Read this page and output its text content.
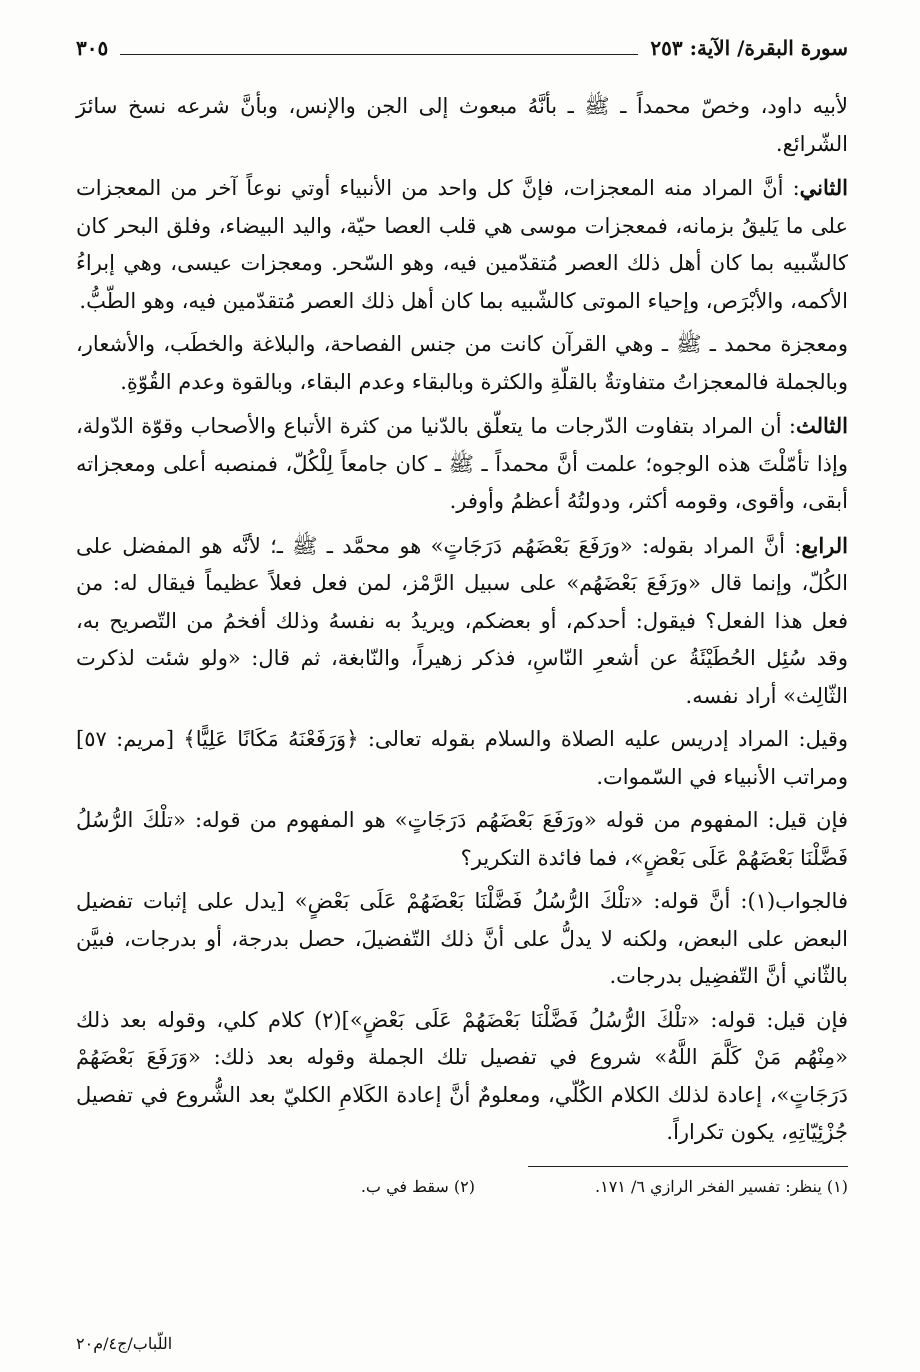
سورة البقرة/ الآية: ٢٥٣
٣٠٥

لأبيه داود، وخصّ محمداً ـ ﷺ ـ بأنَّهُ مبعوث إلى الجن والإنس، وبأنَّ شرعه نسخ سائرَ الشّرائع.

الثاني: أنَّ المراد منه المعجزات، فإنَّ كل واحد من الأنبياء أوتي نوعاً آخر من المعجزات على ما يَليقُ بزمانه، فمعجزات موسى هي قلب العصا حيّة، واليد البيضاء، وفلق البحر كان كالشّبيه بما كان أهل ذلك العصر مُتقدّمين فيه، وهو السّحر. ومعجزات عيسى، وهي إبراءُ الأكمه، والأبْرَص، وإحياء الموتى كالشّبيه بما كان أهل ذلك العصر مُتقدّمين فيه، وهو الطّبُّ.

ومعجزة محمد ـ ﷺ ـ وهي القرآن كانت من جنس الفصاحة، والبلاغة والخطَب، والأشعار، وبالجملة فالمعجزاتُ متفاوتةٌ بالقلّةِ والكثرة وبالبقاء وعدم البقاء، وبالقوة وعدم القُوّةِ.

الثالث: أن المراد بتفاوت الدّرجات ما يتعلّق بالدّنيا من كثرة الأتباع والأصحاب وقوّة الدّولة، وإذا تأمّلْتَ هذه الوجوه؛ علمت أنَّ محمداً ـ ﷺ ـ كان جامعاً لِلْكُلّ، فمنصبه أعلى ومعجزاته أبقى، وأقوى، وقومه أكثر، ودولتُهُ أعظمُ وأوفر.

الرابع: أنَّ المراد بقوله: «ورَفَعَ بَعْضَهُم دَرَجَاتٍ» هو محمَّد ـ ﷺ ـ؛ لأنَّه هو المفضل على الكُلّ، وإنما قال «ورَفَعَ بَعْضَهُم» على سبيل الرَّمْز، لمن فعل فعلاً عظيماً فيقال له: من فعل هذا الفعل؟ فيقول: أحدكم، أو بعضكم، ويريدُ به نفسهُ وذلك أفخمُ من التّصريح به، وقد سُئِل الحُطَيْئَةُ عن أشعرِ النّاسِ، فذكر زهيراً، والنّابغة، ثم قال: «ولو شئت لذكرت الثّالِث» أراد نفسه.

وقيل: المراد إدريس عليه الصلاة والسلام بقوله تعالى: ﴿وَرَفَعْنَهُ مَكَانًا عَلِيًّا﴾ [مريم: ٥٧] ومراتب الأنبياء في السّموات.

فإن قيل: المفهوم من قوله «ورَفَعَ بَعْضَهُم دَرَجَاتٍ» هو المفهوم من قوله: «تلْكَ الرُّسُلُ فَضَّلْنَا بَعْضَهُمْ عَلَى بَعْضٍ»، فما فائدة التكرير؟

فالجواب(١): أنَّ قوله: «تلْكَ الرُّسُلُ فَضَّلْنَا بَعْضَهُمْ عَلَى بَعْضٍ» [يدل على إثبات تفضيل البعض على البعض، ولكنه لا يدلُّ على أنَّ ذلك التّفضيلَ، حصل بدرجة، أو بدرجات، فبيَّن بالثّاني أنَّ التّفضِيل بدرجات.

فإن قيل: قوله: «تلْكَ الرُّسُلُ فَضَّلْنَا بَعْضَهُمْ عَلَى بَعْضٍ»](٢) كلام كلي، وقوله بعد ذلك «مِنْهُم مَنْ كَلَّمَ اللَّهُ» شروع في تفصيل تلك الجملة وقوله بعد ذلك: «وَرَفَعَ بَعْضَهُمْ دَرَجَاتٍ»، إعادة لذلك الكلام الكُلّي، ومعلومٌ أنَّ إعادة الكَلامِ الكليّ بعد الشُّروع في تفصيل جُزْئِيّاتِهِ، يكون تكراراً.

(١) ينظر: تفسير الفخر الرازي ٦/ ١٧١.
(٢) سقط في ب.
اللّباب/ج٤/م٢٠
